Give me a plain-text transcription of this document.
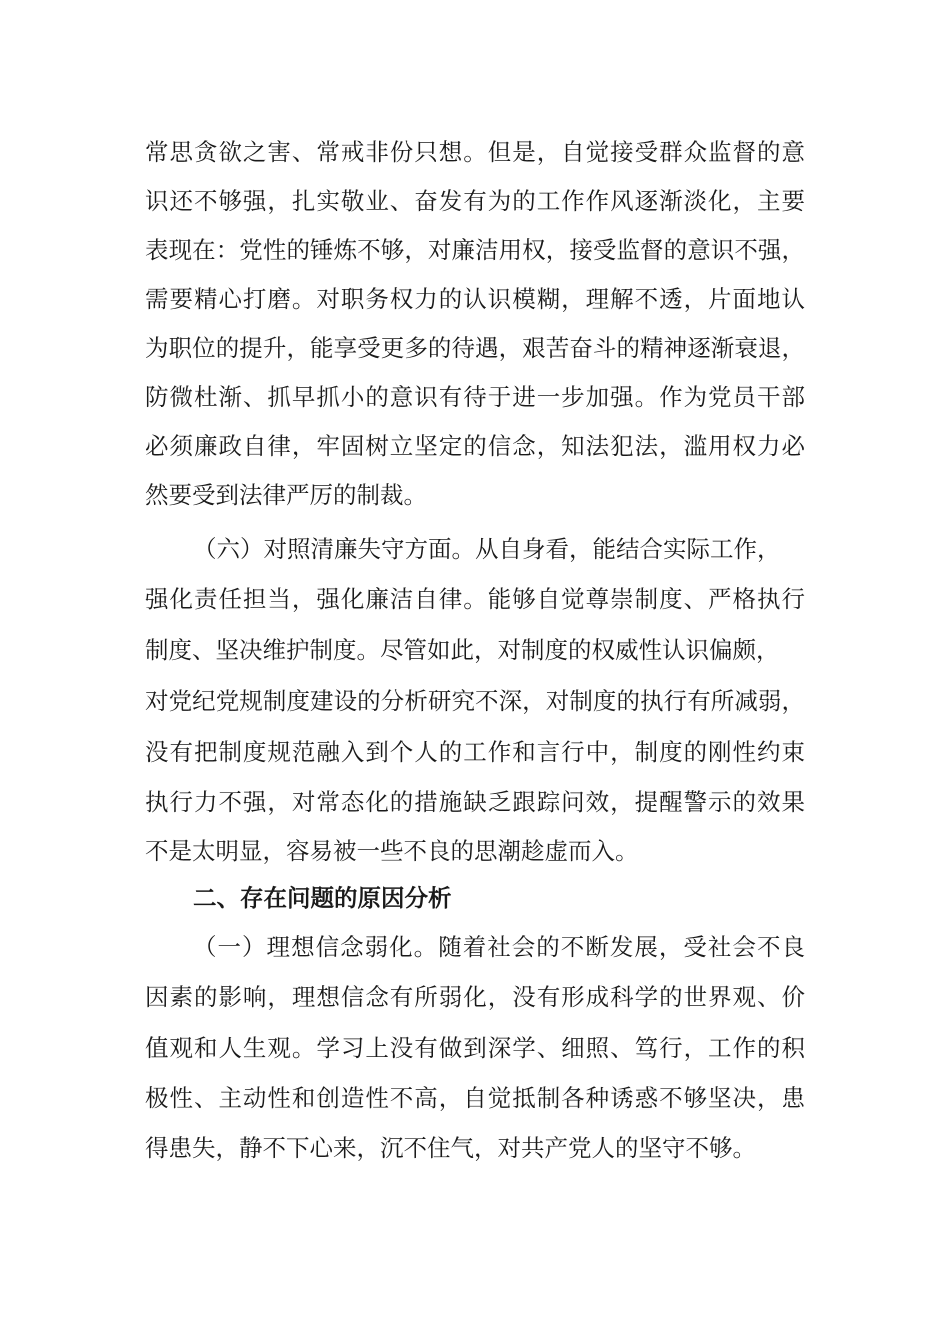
常思贪欲之害、常戒非份只想。但是，自觉接受群众监督的意

识还不够强，扎实敬业、奋发有为的工作作风逐渐淡化，主要

表现在：党性的锤炼不够，对廉洁用权，接受监督的意识不强，

需要精心打磨。对职务权力的认识模糊，理解不透，片面地认

为职位的提升，能享受更多的待遇，艰苦奋斗的精神逐渐衰退，

防微杜渐、抓早抓小的意识有待于进一步加强。作为党员干部

必须廉政自律，牢固树立坚定的信念，知法犯法，滥用权力必

然要受到法律严厉的制裁。

（六）对照清廉失守方面。从自身看，能结合实际工作，

强化责任担当，强化廉洁自律。能够自觉尊崇制度、严格执行

制度、坚决维护制度。尽管如此，对制度的权威性认识偏颇，

对党纪党规制度建设的分析研究不深，对制度的执行有所减弱，

没有把制度规范融入到个人的工作和言行中，制度的刚性约束

执行力不强，对常态化的措施缺乏跟踪问效，提醒警示的效果

不是太明显，容易被一些不良的思潮趁虚而入。

二、存在问题的原因分析

（一）理想信念弱化。随着社会的不断发展，受社会不良

因素的影响，理想信念有所弱化，没有形成科学的世界观、价

值观和人生观。学习上没有做到深学、细照、笃行，工作的积

极性、主动性和创造性不高，自觉抵制各种诱惑不够坚决，患

得患失，静不下心来，沉不住气，对共产党人的坚守不够。
